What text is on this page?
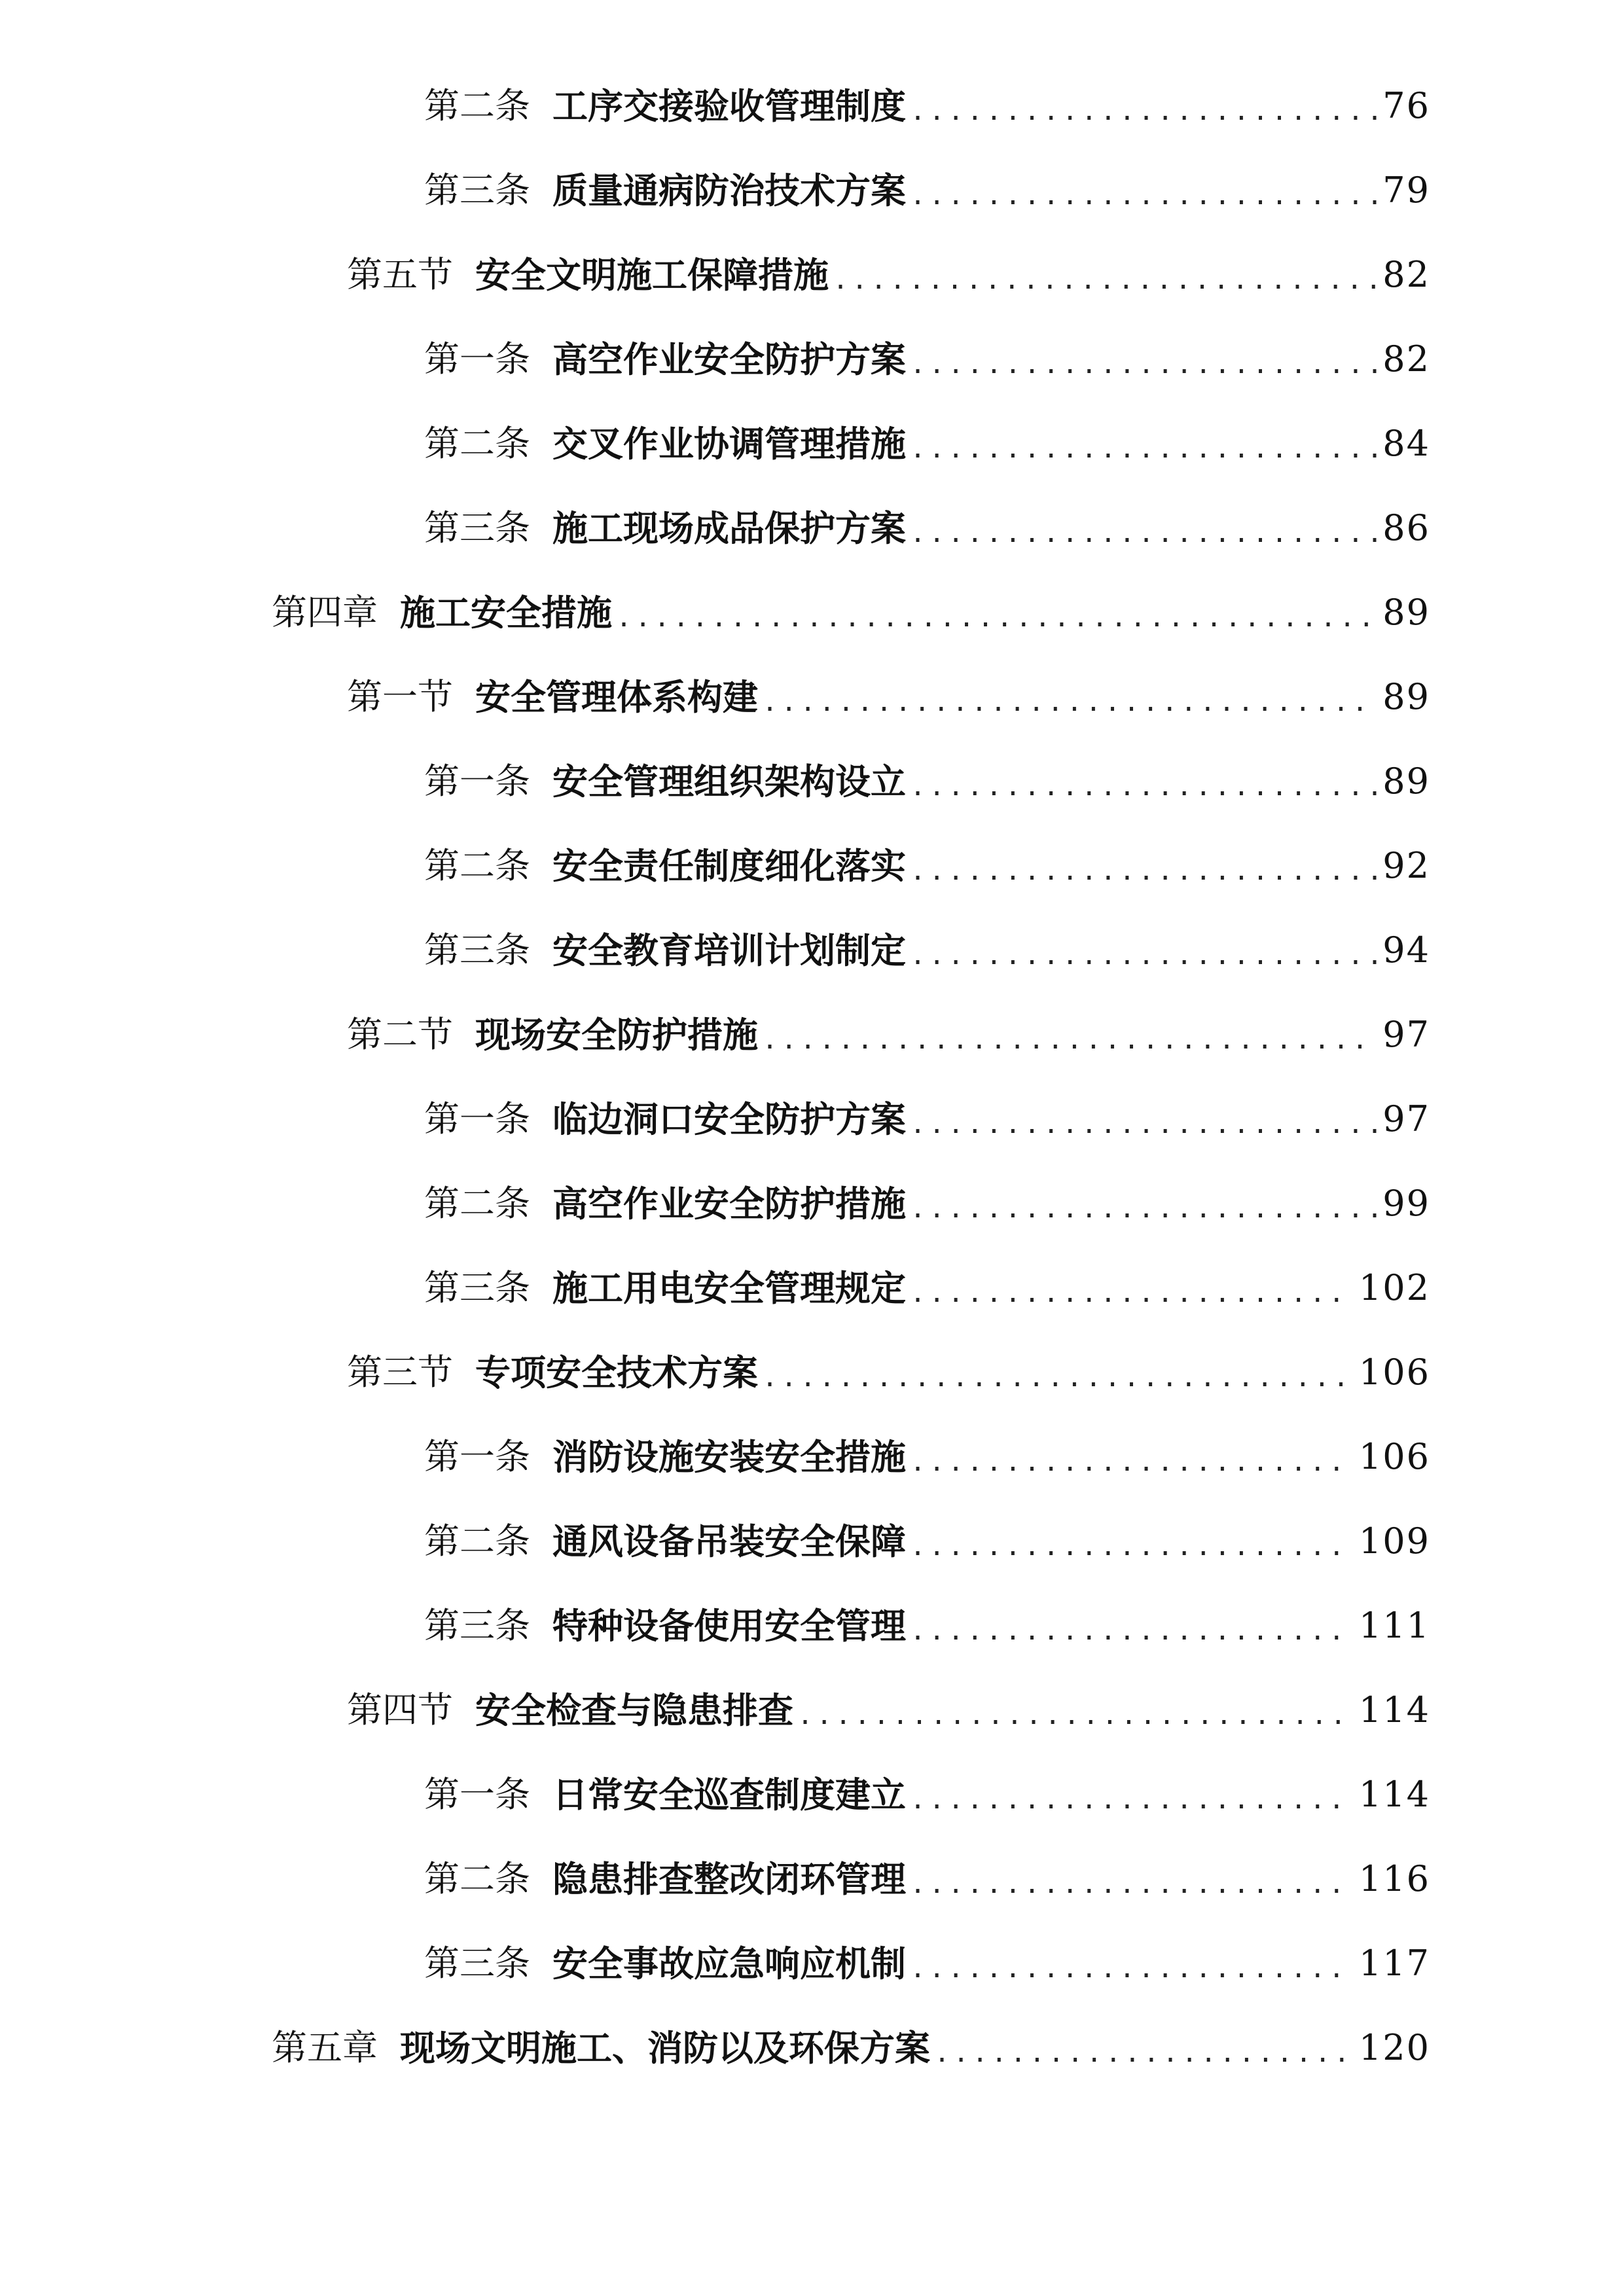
第二条 工序交接验收管理制度 .....	76
第三条 质量通病防治技术方案 .....	79
第五节 安全文明施工保障措施 .....	82
第一条 高空作业安全防护方案 .....	82
第二条 交叉作业协调管理措施 .....	84
第三条 施工现场成品保护方案 .....	86
第四章 施工安全措施 .....	89
第一节 安全管理体系构建 .....	89
第一条 安全管理组织架构设立 .....	89
第二条 安全责任制度细化落实 .....	92
第三条 安全教育培训计划制定 .....	94
第二节 现场安全防护措施 .....	97
第一条 临边洞口安全防护方案 .....	97
第二条 高空作业安全防护措施 .....	99
第三条 施工用电安全管理规定 .....	102
第三节 专项安全技术方案 .....	106
第一条 消防设施安装安全措施 .....	106
第二条 通风设备吊装安全保障 .....	109
第三条 特种设备使用安全管理 .....	111
第四节 安全检查与隐患排查 .....	114
第一条 日常安全巡查制度建立 .....	114
第二条 隐患排查整改闭环管理 .....	116
第三条 安全事故应急响应机制 .....	117
第五章 现场文明施工、消防以及环保方案 .....	120
